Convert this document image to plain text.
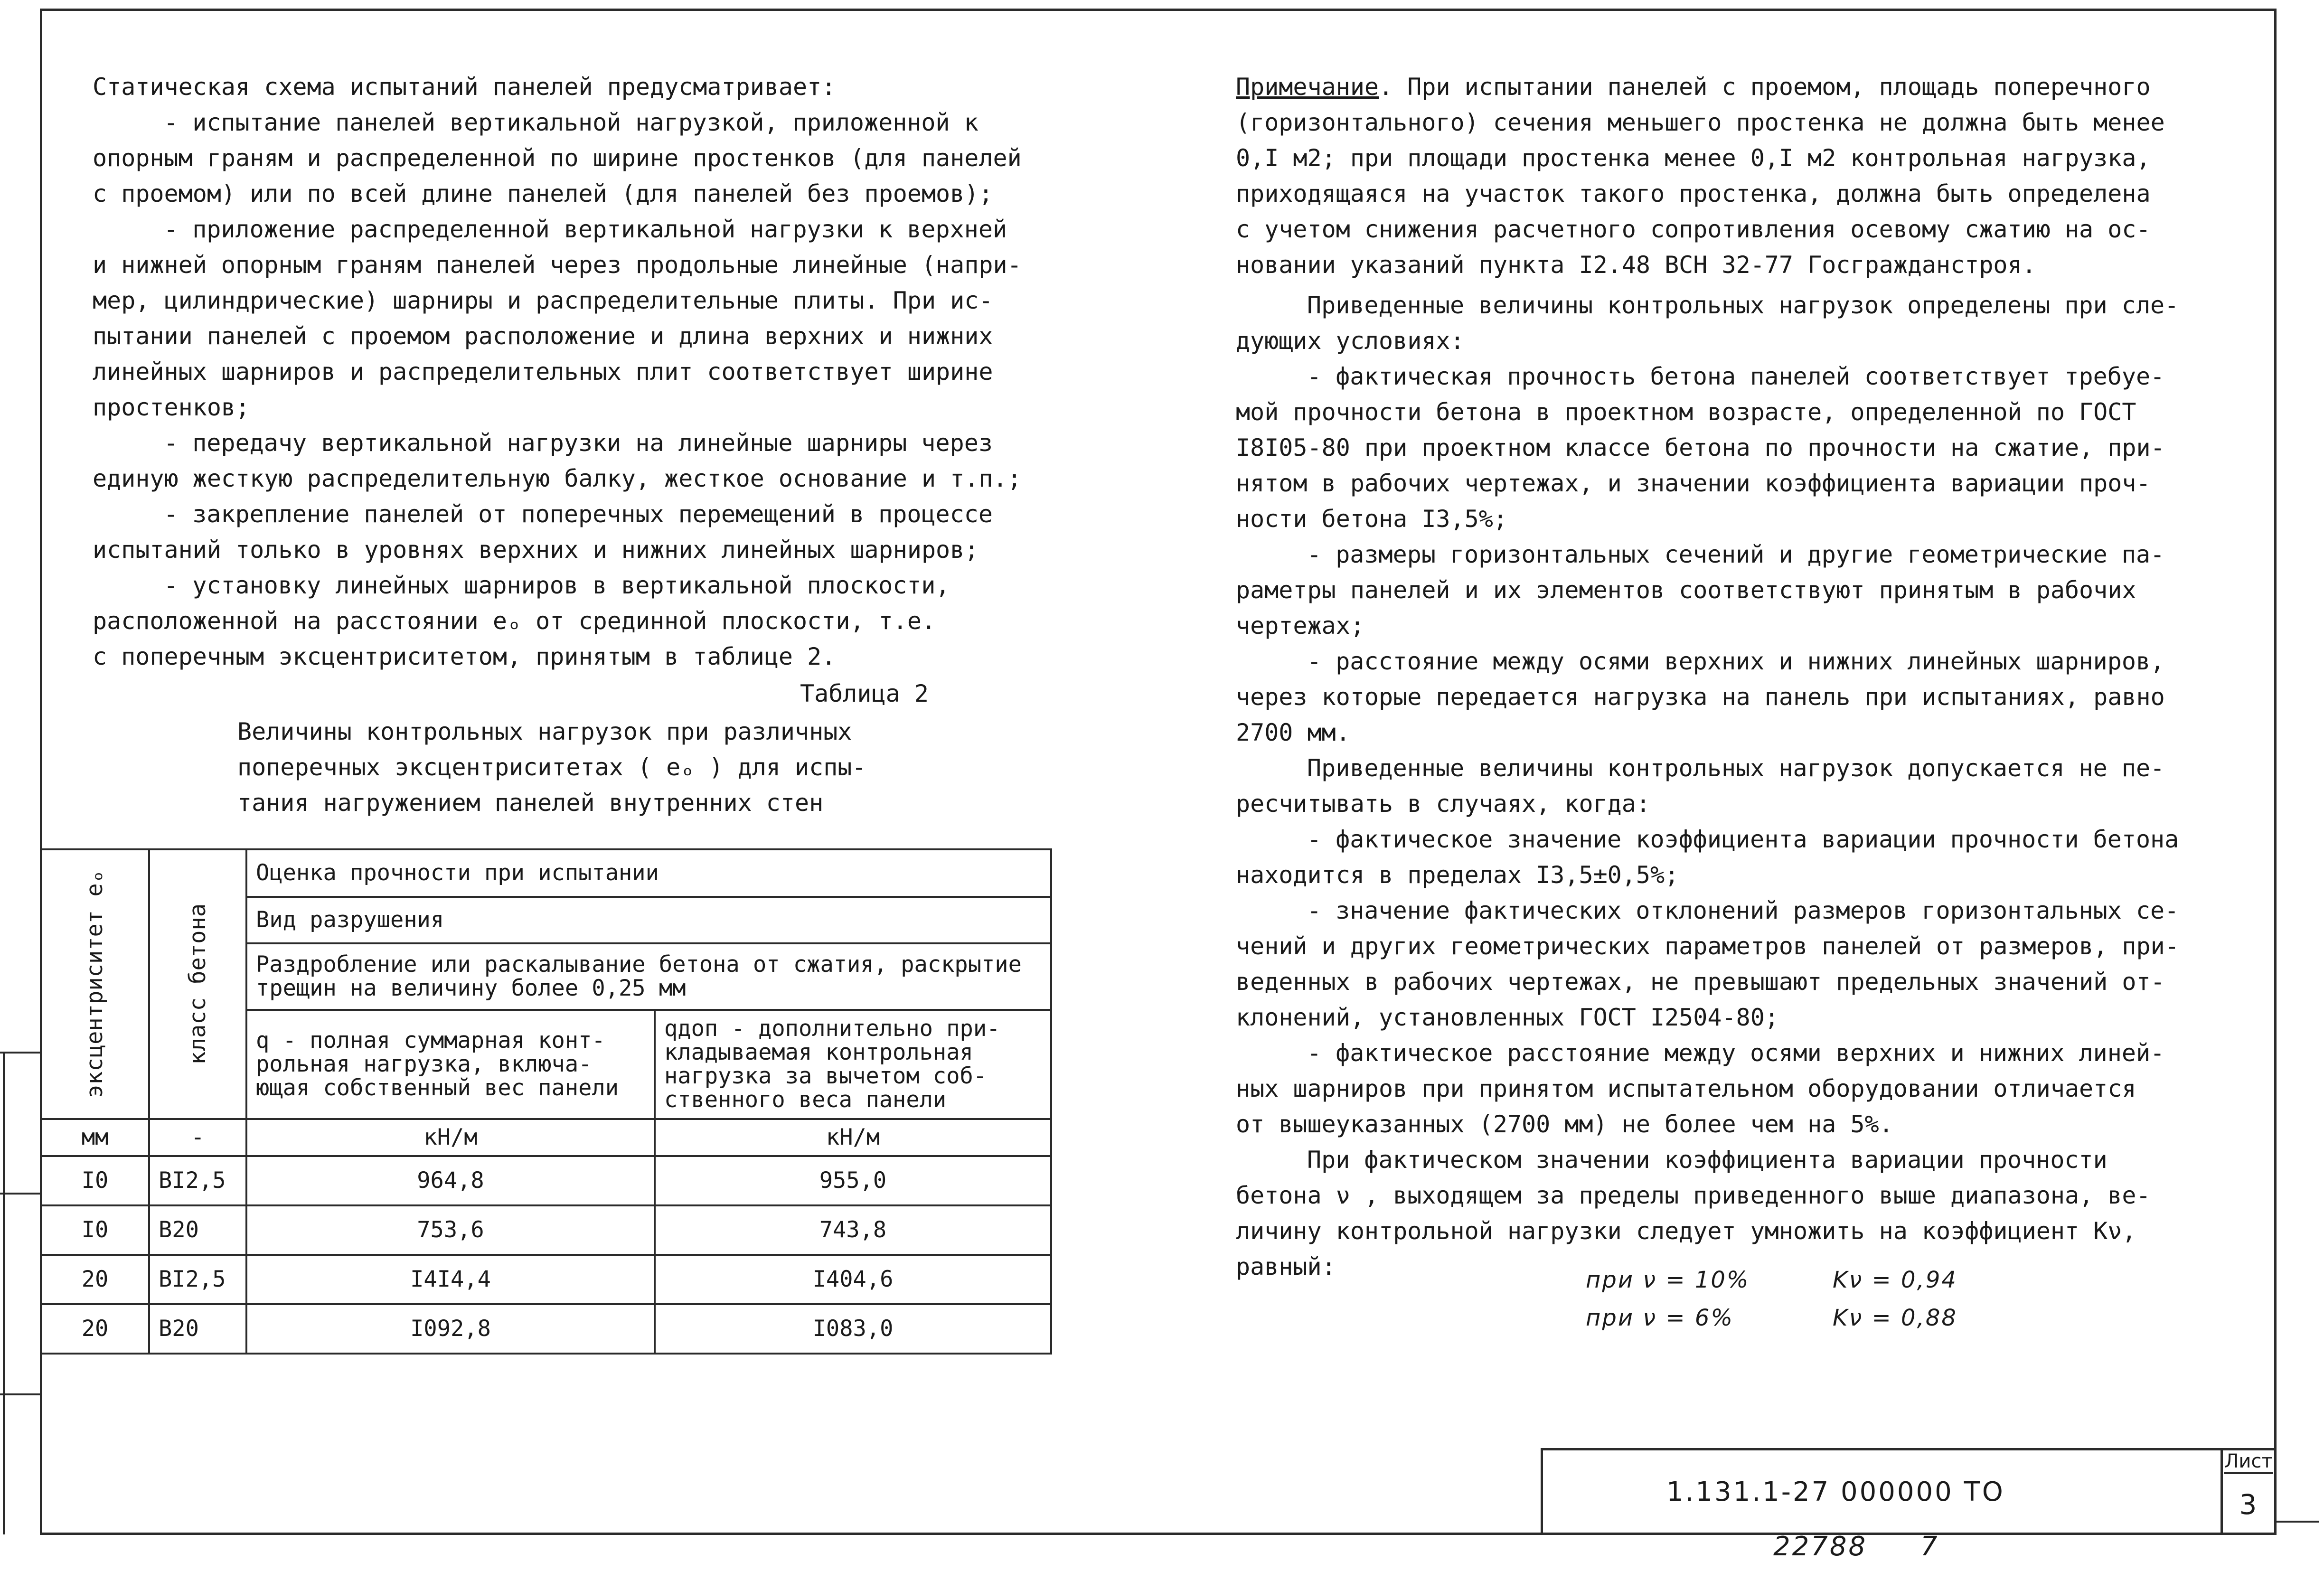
Статическая схема испытаний панелей предусматривает:

- испытание панелей вертикальной нагрузкой, приложенной к

опорным граням и распределенной по ширине простенков (для панелей

с проемом) или по всей длине панелей (для панелей без проемов);

- приложение распределенной вертикальной нагрузки к верхней

и нижней опорным граням панелей через продольные линейные (напри-

мер, цилиндрические) шарниры и распределительные плиты. При ис-

пытании панелей с проемом расположение и длина верхних и нижних

линейных шарниров и распределительных плит соответствует ширине

простенков;

- передачу вертикальной нагрузки на линейные шарниры через

единую жесткую распределительную балку, жесткое основание и т.п.;

- закрепление панелей от поперечных перемещений в процессе

испытаний только в уровнях верхних и нижних линейных шарниров;

- установку линейных шарниров в вертикальной плоскости,

расположенной на расстоянии eₒ от срединной плоскости, т.е.

с поперечным эксцентриситетом, принятым в таблице 2.

Таблица 2
Величины контрольных нагрузок при различных
поперечных эксцентриситетах ( eₒ ) для испы-
тания нагружением панелей внутренних стен
эксцентриситет eₒ	класс бетона	Оценка прочности при испытании	
		Вид разрушения	
		Раздробление или раскалывание бетона от сжатия, раскрытие трещин на величину более 0,25 мм	
		q - полная суммарная конт-рольная нагрузка, включа-ющая собственный вес панели	qдоп - дополнительно при-кладываемая контрольная нагрузка за вычетом соб-ственного веса панели
мм	-	кН/м	кН/м
I0	BI2,5	964,8	955,0
I0	B20	753,6	743,8
20	BI2,5	I4I4,4	I404,6
20	B20	I092,8	I083,0

Примечание. При испытании панелей с проемом, площадь поперечного

(горизонтального) сечения меньшего простенка не должна быть менее

0,I м2; при площади простенка менее 0,I м2 контрольная нагрузка,

приходящаяся на участок такого простенка, должна быть определена

с учетом снижения расчетного сопротивления осевому сжатию на ос-

новании указаний пункта I2.48 ВСН 32-77 Госгражданстроя.

Приведенные величины контрольных нагрузок определены при сле-

дующих условиях:

- фактическая прочность бетона панелей соответствует требуе-

мой прочности бетона в проектном возрасте, определенной по ГОСТ

I8I05-80 при проектном классе бетона по прочности на сжатие, при-

нятом в рабочих чертежах, и значении коэффициента вариации проч-

ности бетона I3,5%;

- размеры горизонтальных сечений и другие геометрические па-

раметры панелей и их элементов соответствуют принятым в рабочих

чертежах;

- расстояние между осями верхних и нижних линейных шарниров,

через которые передается нагрузка на панель при испытаниях, равно

2700 мм.

Приведенные величины контрольных нагрузок допускается не пе-

ресчитывать в случаях, когда:

- фактическое значение коэффициента вариации прочности бетона

находится в пределах I3,5±0,5%;

- значение фактических отклонений размеров горизонтальных се-

чений и других геометрических параметров панелей от размеров, при-

веденных в рабочих чертежах, не превышают предельных значений от-

клонений, установленных ГОСТ I2504-80;

- фактическое расстояние между осями верхних и нижних линей-

ных шарниров при принятом испытательном оборудовании отличается

от вышеуказанных (2700 мм) не более чем на 5%.

При фактическом значении коэффициента вариации прочности

бетона ν , выходящем за пределы приведенного выше диапазона, ве-

личину контрольной нагрузки следует умножить на коэффициент Kν,

равный:	при ν = 10%	Kν = 0,94
при ν = 6%	Kν = 0,88
1.131.1-27 000000 ТО
Лист
3
22788 7
